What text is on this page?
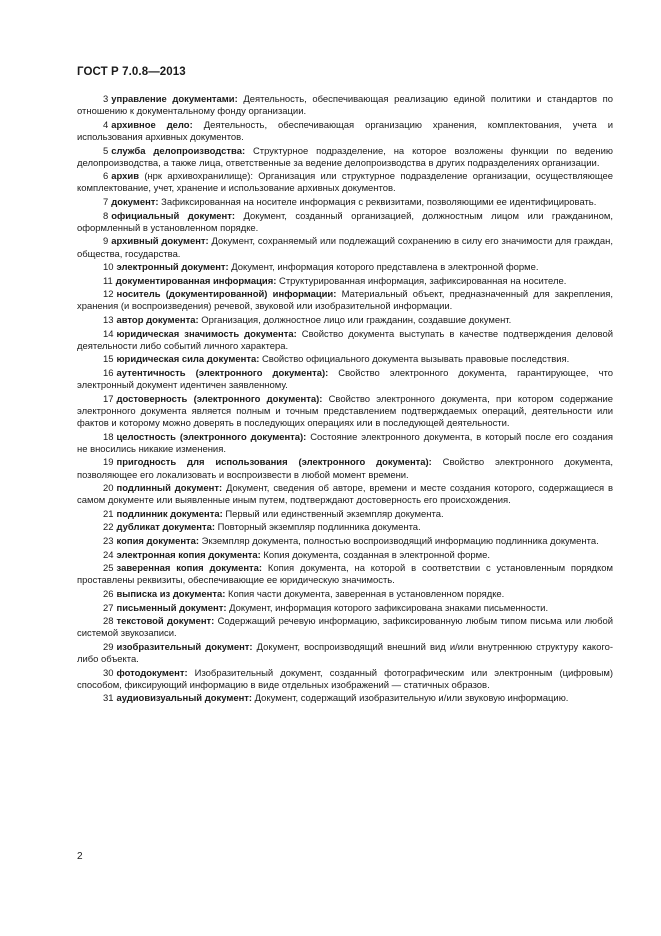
ГОСТ Р 7.0.8—2013

3 управление документами: Деятельность, обеспечивающая реализацию единой политики и стандартов по отношению к документальному фонду организации.

4 архивное дело: Деятельность, обеспечивающая организацию хранения, комплектования, учета и использования архивных документов.

5 служба делопроизводства: Структурное подразделение, на которое возложены функции по ведению делопроизводства, а также лица, ответственные за ведение делопроизводства в других подразделениях организации.

6 архив (нрк архивохранилище): Организация или структурное подразделение организации, осуществляющее комплектование, учет, хранение и использование архивных документов.

7 документ: Зафиксированная на носителе информация с реквизитами, позволяющими ее идентифицировать.

8 официальный документ: Документ, созданный организацией, должностным лицом или гражданином, оформленный в установленном порядке.

9 архивный документ: Документ, сохраняемый или подлежащий сохранению в силу его значимости для граждан, общества, государства.

10 электронный документ: Документ, информация которого представлена в электронной форме.

11 документированная информация: Структурированная информация, зафиксированная на носителе.

12 носитель (документированной) информации: Материальный объект, предназначенный для закрепления, хранения (и воспроизведения) речевой, звуковой или изобразительной информации.

13 автор документа: Организация, должностное лицо или гражданин, создавшие документ.

14 юридическая значимость документа: Свойство документа выступать в качестве подтверждения деловой деятельности либо событий личного характера.

15 юридическая сила документа: Свойство официального документа вызывать правовые последствия.

16 аутентичность (электронного документа): Свойство электронного документа, гарантирующее, что электронный документ идентичен заявленному.

17 достоверность (электронного документа): Свойство электронного документа, при котором содержание электронного документа является полным и точным представлением подтверждаемых операций, деятельности или фактов и которому можно доверять в последующих операциях или в последующей деятельности.

18 целостность (электронного документа): Состояние электронного документа, в который после его создания не вносились никакие изменения.

19 пригодность для использования (электронного документа): Свойство электронного документа, позволяющее его локализовать и воспроизвести в любой момент времени.

20 подлинный документ: Документ, сведения об авторе, времени и месте создания которого, содержащиеся в самом документе или выявленные иным путем, подтверждают достоверность его происхождения.

21 подлинник документа: Первый или единственный экземпляр документа.

22 дубликат документа: Повторный экземпляр подлинника документа.

23 копия документа: Экземпляр документа, полностью воспроизводящий информацию подлинника документа.

24 электронная копия документа: Копия документа, созданная в электронной форме.

25 заверенная копия документа: Копия документа, на которой в соответствии с установленным порядком проставлены реквизиты, обеспечивающие ее юридическую значимость.

26 выписка из документа: Копия части документа, заверенная в установленном порядке.

27 письменный документ: Документ, информация которого зафиксирована знаками письменности.

28 текстовой документ: Содержащий речевую информацию, зафиксированную любым типом письма или любой системой звукозаписи.

29 изобразительный документ: Документ, воспроизводящий внешний вид и/или внутреннюю структуру какого-либо объекта.

30 фотодокумент: Изобразительный документ, созданный фотографическим или электронным (цифровым) способом, фиксирующий информацию в виде отдельных изображений — статичных образов.

31 аудиовизуальный документ: Документ, содержащий изобразительную и/или звуковую информацию.

2
